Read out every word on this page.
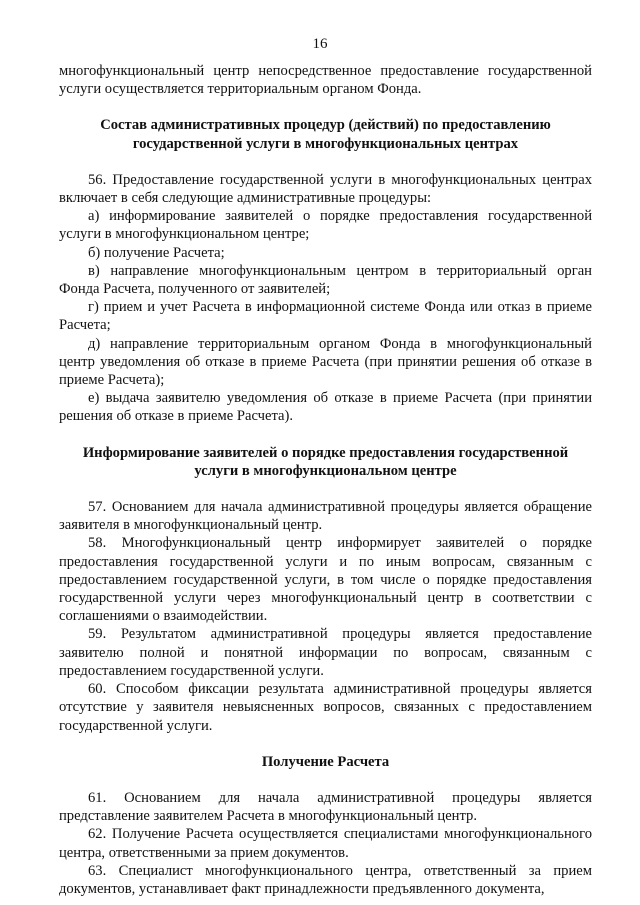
16

многофункциональный центр непосредственное предоставление государственной услуги осуществляется территориальным органом Фонда.

Состав административных процедур (действий) по предоставлению государственной услуги в многофункциональных центрах

56. Предоставление государственной услуги в многофункциональных центрах включает в себя следующие административные процедуры:

а) информирование заявителей о порядке предоставления государственной услуги в многофункциональном центре;

б) получение Расчета;

в) направление многофункциональным центром в территориальный орган Фонда Расчета, полученного от заявителей;

г) прием и учет Расчета в информационной системе Фонда или отказ в приеме Расчета;

д) направление территориальным органом Фонда в многофункциональный центр уведомления об отказе в приеме Расчета (при принятии решения об отказе в приеме Расчета);

е) выдача заявителю уведомления об отказе в приеме Расчета (при принятии решения об отказе в приеме Расчета).

Информирование заявителей о порядке предоставления государственной услуги в многофункциональном центре

57. Основанием для начала административной процедуры является обращение заявителя в многофункциональный центр.

58. Многофункциональный центр информирует заявителей о порядке предоставления государственной услуги и по иным вопросам, связанным с предоставлением государственной услуги, в том числе о порядке предоставления государственной услуги через многофункциональный центр в соответствии с соглашениями о взаимодействии.

59. Результатом административной процедуры является предоставление заявителю полной и понятной информации по вопросам, связанным с предоставлением государственной услуги.

60. Способом фиксации результата административной процедуры является отсутствие у заявителя невыясненных вопросов, связанных с предоставлением государственной услуги.

Получение Расчета

61. Основанием для начала административной процедуры является представление заявителем Расчета в многофункциональный центр.

62. Получение Расчета осуществляется специалистами многофункционального центра, ответственными за прием документов.

63. Специалист многофункционального центра, ответственный за прием документов, устанавливает факт принадлежности предъявленного документа,
